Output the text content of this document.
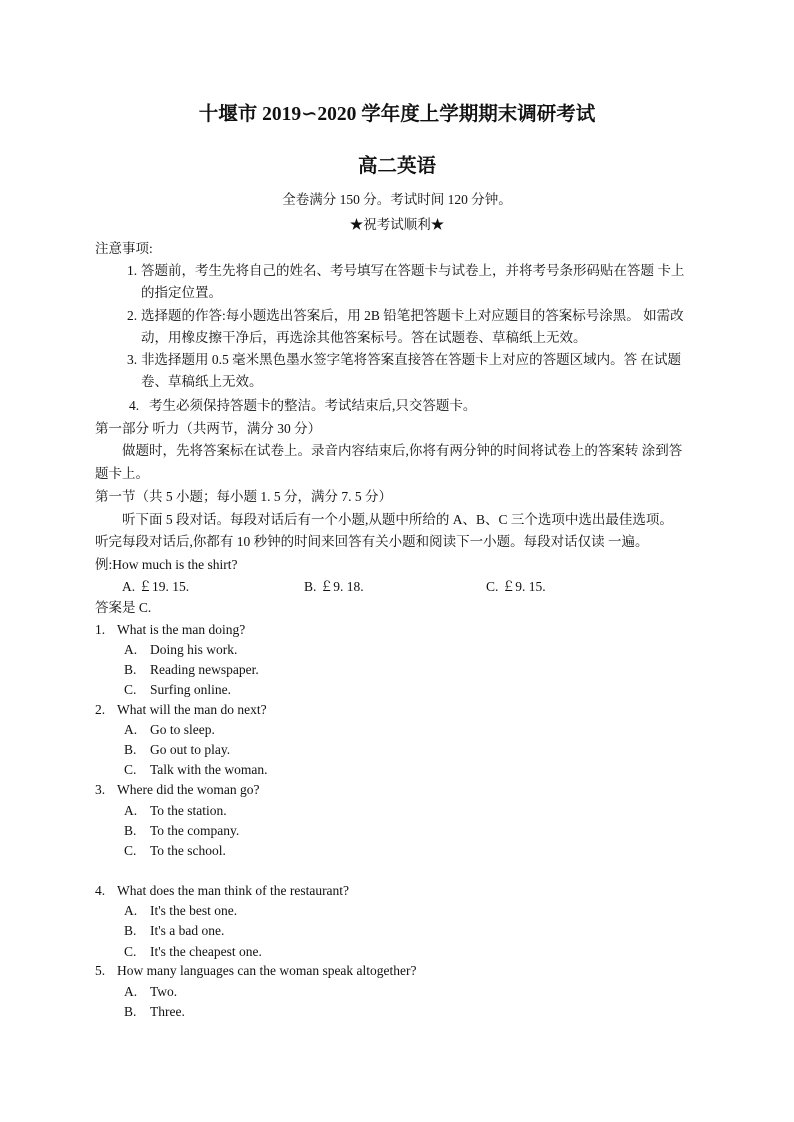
十堰市 2019∽2020 学年度上学期期末调研考试
高二英语
全卷满分 150 分。考试时间 120 分钟。
★祝考试顺利★
注意事项:
1. 答题前，考生先将自己的姓名、考号填写在答题卡与试卷上，并将考号条形码贴在答题 卡上
的指定位置。
2. 选择题的作答:每小题选出答案后，用 2B 铅笔把答题卡上对应题目的答案标号涂黑。 如需改
动，用橡皮擦干净后，再选涂其他答案标号。答在试题卷、草稿纸上无效。
3. 非选择题用 0.5 毫米黑色墨水签字笔将答案直接答在答题卡上对应的答题区域内。答 在试题
卷、草稿纸上无效。
4. 考生必须保持答题卡的整洁。考试结束后,只交答题卡。
第一部分 听力（共两节，满分 30 分）
做题时，先将答案标在试卷上。录音内容结束后,你将有两分钟的时间将试卷上的答案转 涂到答
题卡上。
第一节（共 5 小题；每小题 1. 5 分，满分 7. 5 分）
听下面 5 段对话。每段对话后有一个小题,从题中所给的 A、B、C 三个选项中选出最佳选项。
听完每段对话后,你都有 10 秒钟的时间来回答有关小题和阅读下一小题。每段对话仅读 一遍。
例:How much is the shirt?
A. ￡19. 15.	B. ￡9. 18.	C. ￡9. 15.
答案是 C.
1. What is the man doing?
A. Doing his work.
B. Reading newspaper.
C. Surfing online.
2. What will the man do next?
A. Go to sleep.
B. Go out to play.
C. Talk with the woman.
3. Where did the woman go?
A. To the station.
B. To the company.
C. To the school.
4. What does the man think of the restaurant?
A. It's the best one.
B. It's a bad one.
C. It's the cheapest one.
5. How many languages can the woman speak altogether?
A. Two.
B. Three.
